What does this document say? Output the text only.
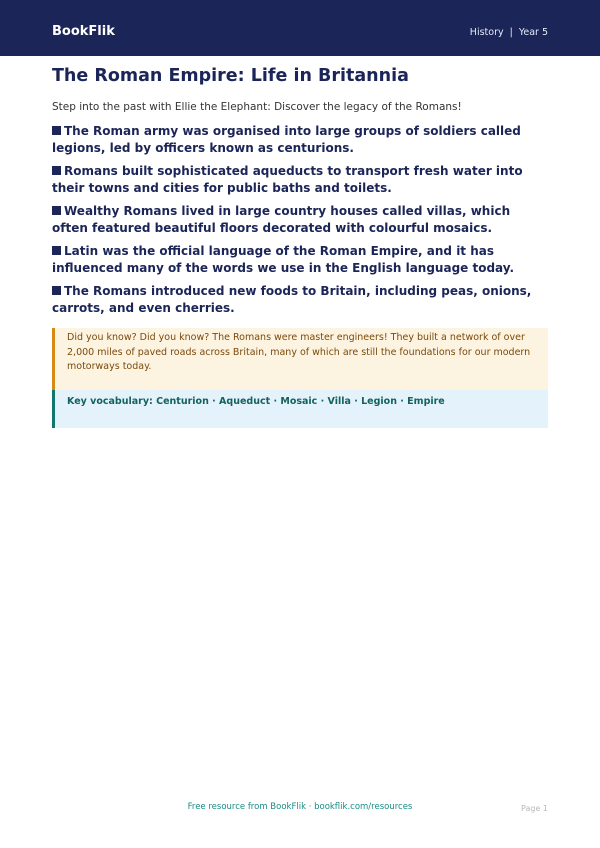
BookFlik	History | Year 5
The Roman Empire: Life in Britannia

Step into the past with Ellie the Elephant: Discover the legacy of the Romans!

The Roman army was organised into large groups of soldiers called legions, led by officers known as centurions.
Romans built sophisticated aqueducts to transport fresh water into their towns and cities for public baths and toilets.
Wealthy Romans lived in large country houses called villas, which often featured beautiful floors decorated with colourful mosaics.
Latin was the official language of the Roman Empire, and it has influenced many of the words we use in the English language today.
The Romans introduced new foods to Britain, including peas, onions, carrots, and even cherries.
Did you know? Did you know? The Romans were master engineers! They built a network of over 2,000 miles of paved roads across Britain, many of which are still the foundations for our modern motorways today.
Key vocabulary: Centurion · Aqueduct · Mosaic · Villa · Legion · Empire
Free resource from BookFlik · bookflik.com/resources	Page 1
